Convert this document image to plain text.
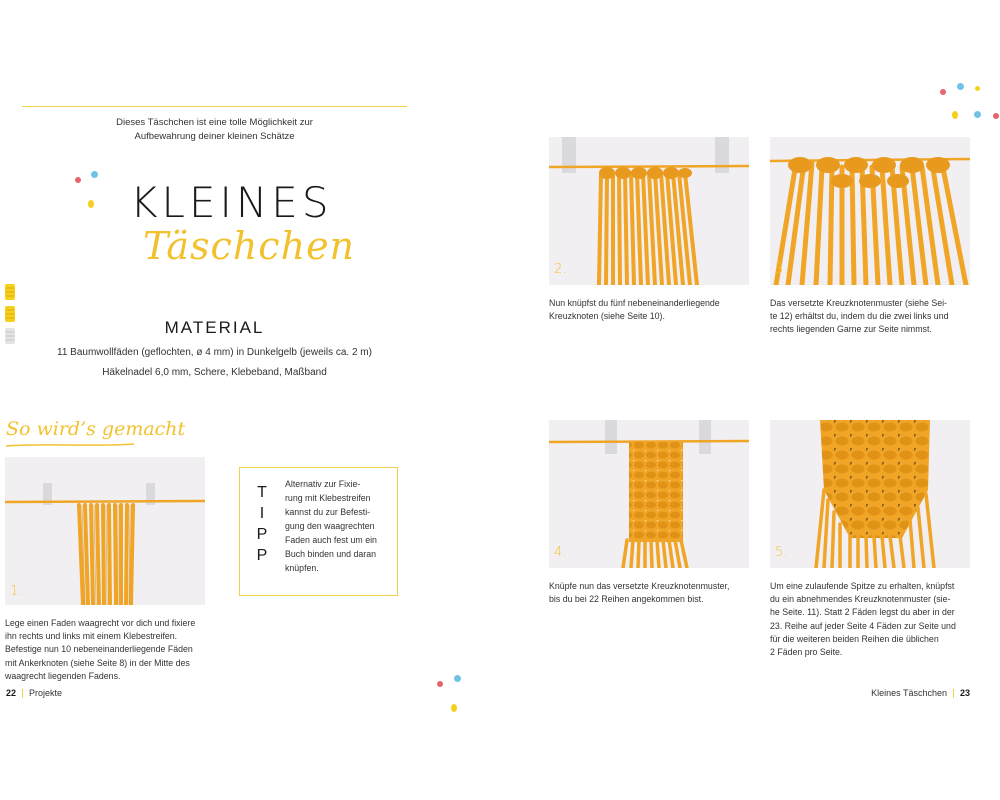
Dieses Täschchen ist eine tolle Möglichkeit zur
Aufbewahrung deiner kleinen Schätze
KLEINES
Täschchen
MATERIAL
11 Baumwollfäden (geflochten, ø 4 mm) in Dunkelgelb (jeweils ca. 2 m)
Häkelnadel 6,0 mm, Schere, Klebeband, Maßband
So wird’s gemacht
1.
Lege einen Faden waagrecht vor dich und fixiere
ihn rechts und links mit einem Klebestreifen.
Befestige nun 10 nebeneinanderliegende Fäden
mit Ankerknoten (siehe Seite 8) in der Mitte des
waagrecht liegenden Fadens.
T
I
P
P
Alternativ zur Fixie-
rung mit Klebestreifen
kannst du zur Befesti-
gung den waagrechten
Faden auch fest um ein
Buch binden und daran
knüpfen.
22 Projekte
2.
Nun knüpfst du fünf nebeneinanderliegende
Kreuzknoten (siehe Seite 10).
3.
Das versetzte Kreuzknotenmuster (siehe Sei-
te 12) erhältst du, indem du die zwei links und
rechts liegenden Garne zur Seite nimmst.
4.
Knüpfe nun das versetzte Kreuzknotenmuster,
bis du bei 22 Reihen angekommen bist.
5.
Um eine zulaufende Spitze zu erhalten, knüpfst
du ein abnehmendes Kreuzknotenmuster (sie-
he Seite. 11). Statt 2 Fäden legst du aber in der
23. Reihe auf jeder Seite 4 Fäden zur Seite und
für die weiteren beiden Reihen die üblichen
2 Fäden pro Seite.
Kleines Täschchen 23
